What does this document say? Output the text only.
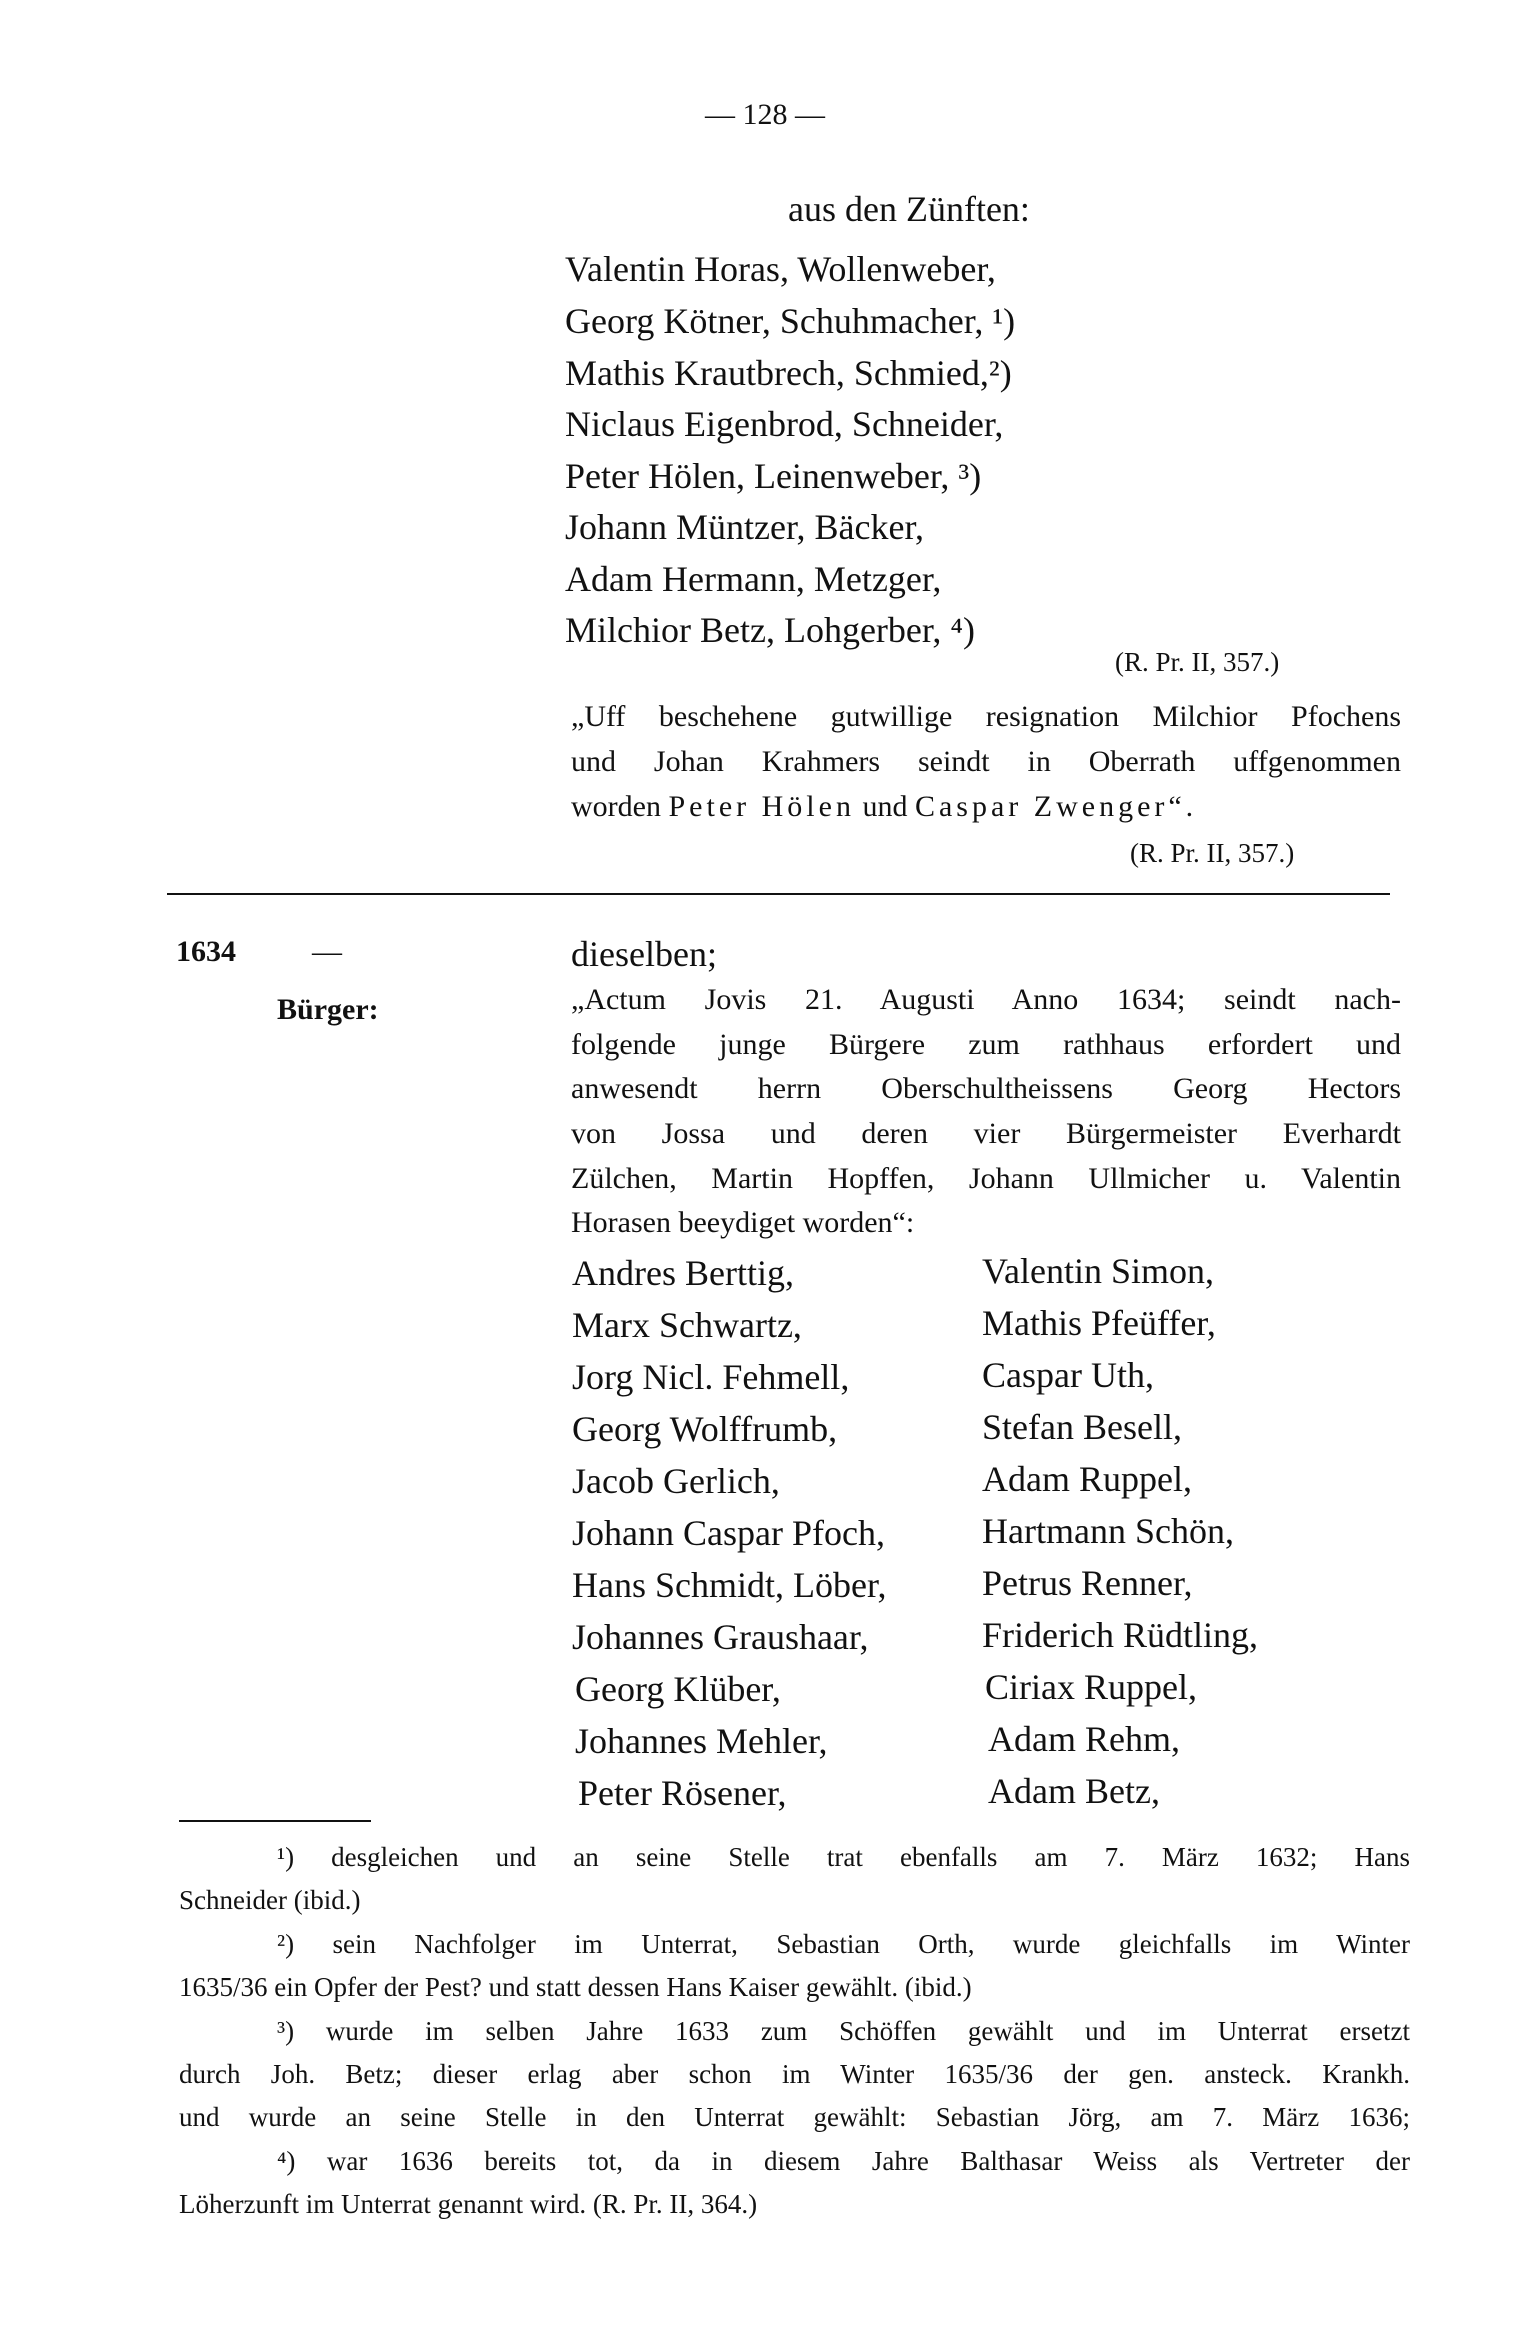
— 128 —
aus den Zünften:
Valentin Horas, Wollenweber,
Georg Kötner, Schuhmacher, ¹)
Mathis Krautbrech, Schmied,²)
Niclaus Eigenbrod, Schneider,
Peter Hölen, Leinenweber, ³)
Johann Müntzer, Bäcker,
Adam Hermann, Metzger,
Milchior Betz, Lohgerber, ⁴)
(R. Pr. II, 357.)
„Uff beschehene gutwillige resignation Milchior Pfochens
und Johan Krahmers seindt in Oberrath uffgenommen
worden Peter Hölen und Caspar Zwenger“.
(R. Pr. II, 357.)
1634	—
Bürger:
dieselben;
„Actum Jovis 21. Augusti Anno 1634; seindt nach-
folgende junge Bürgere zum rathhaus erfordert und
anwesendt herrn Oberschultheissens Georg Hectors
von Jossa und deren vier Bürgermeister Everhardt
Zülchen, Martin Hopffen, Johann Ullmicher u. Valentin
Horasen beeydiget worden“:
Andres Berttig,
Marx Schwartz,
Jorg Nicl. Fehmell,
Georg Wolffrumb,
Jacob Gerlich,
Johann Caspar Pfoch,
Hans Schmidt, Löber,
Johannes Graushaar,
Georg Klüber,
Johannes Mehler,
Peter Rösener,
Valentin Simon,
Mathis Pfeüffer,
Caspar Uth,
Stefan Besell,
Adam Ruppel,
Hartmann Schön,
Petrus Renner,
Friderich Rüdtling,
Ciriax Ruppel,
Adam Rehm,
Adam Betz,
¹) desgleichen und an seine Stelle trat ebenfalls am 7. März 1632; Hans
Schneider (ibid.)
²) sein Nachfolger im Unterrat, Sebastian Orth, wurde gleichfalls im Winter
1635/36 ein Opfer der Pest? und statt dessen Hans Kaiser gewählt. (ibid.)
³) wurde im selben Jahre 1633 zum Schöffen gewählt und im Unterrat ersetzt
durch Joh. Betz; dieser erlag aber schon im Winter 1635/36 der gen. ansteck. Krankh.
und wurde an seine Stelle in den Unterrat gewählt: Sebastian Jörg, am 7. März 1636;
⁴) war 1636 bereits tot, da in diesem Jahre Balthasar Weiss als Vertreter der
Löherzunft im Unterrat genannt wird. (R. Pr. II, 364.)
